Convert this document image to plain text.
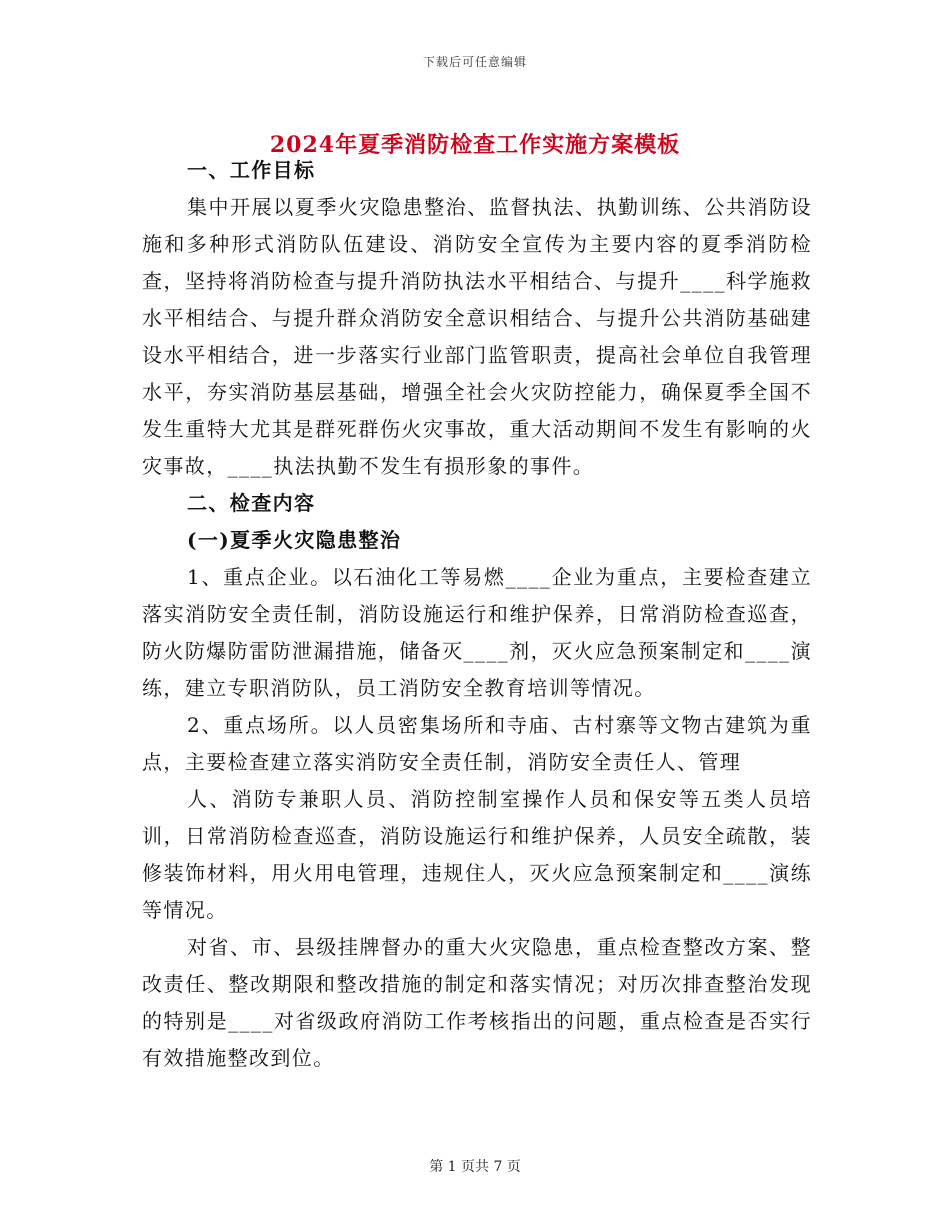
下载后可任意编辑
2024年夏季消防检查工作实施方案模板

一、工作目标

集中开展以夏季火灾隐患整治、监督执法、执勤训练、公共消防设施和多种形式消防队伍建设、消防安全宣传为主要内容的夏季消防检查，坚持将消防检查与提升消防执法水平相结合、与提升____科学施救水平相结合、与提升群众消防安全意识相结合、与提升公共消防基础建设水平相结合，进一步落实行业部门监管职责，提高社会单位自我管理水平，夯实消防基层基础，增强全社会火灾防控能力，确保夏季全国不发生重特大尤其是群死群伤火灾事故，重大活动期间不发生有影响的火灾事故，____执法执勤不发生有损形象的事件。

二、检查内容

(一)夏季火灾隐患整治

1、重点企业。以石油化工等易燃____企业为重点，主要检查建立落实消防安全责任制，消防设施运行和维护保养，日常消防检查巡查，防火防爆防雷防泄漏措施，储备灭____剂，灭火应急预案制定和____演练，建立专职消防队，员工消防安全教育培训等情况。

2、重点场所。以人员密集场所和寺庙、古村寨等文物古建筑为重点，主要检查建立落实消防安全责任制，消防安全责任人、管理

人、消防专兼职人员、消防控制室操作人员和保安等五类人员培训，日常消防检查巡查，消防设施运行和维护保养，人员安全疏散，装修装饰材料，用火用电管理，违规住人，灭火应急预案制定和____演练等情况。

对省、市、县级挂牌督办的重大火灾隐患，重点检查整改方案、整改责任、整改期限和整改措施的制定和落实情况；对历次排查整治发现的特别是____对省级政府消防工作考核指出的问题，重点检查是否实行有效措施整改到位。

第 1 页共 7 页
